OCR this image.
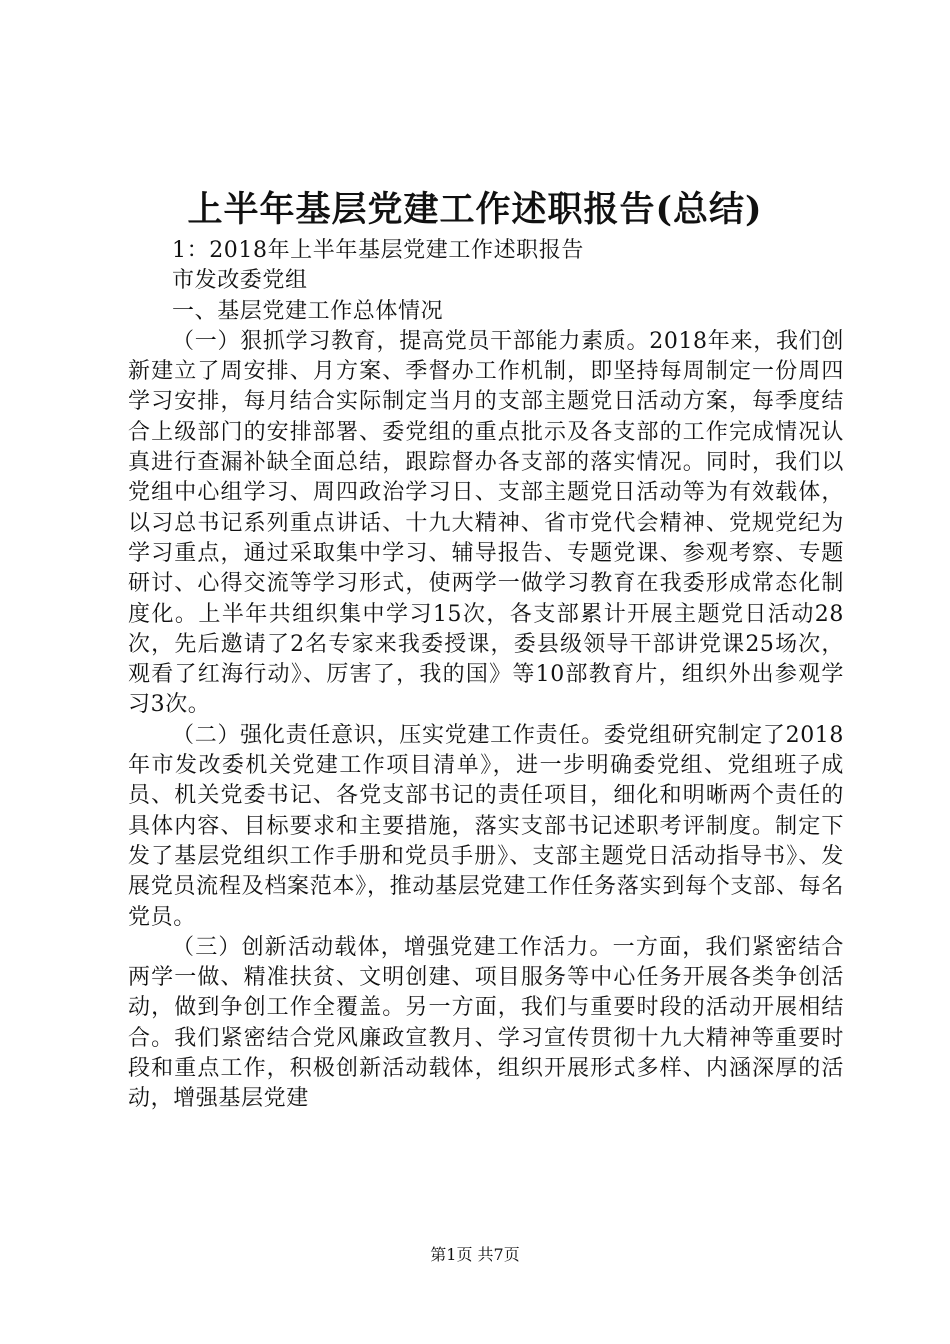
上半年基层党建工作述职报告(总结)

1：2018年上半年基层党建工作述职报告

市发改委党组

一、基层党建工作总体情况

（一）狠抓学习教育，提高党员干部能力素质。2018年来，我们创新建立了周安排、月方案、季督办工作机制，即坚持每周制定一份周四学习安排，每月结合实际制定当月的支部主题党日活动方案，每季度结合上级部门的安排部署、委党组的重点批示及各支部的工作完成情况认真进行查漏补缺全面总结，跟踪督办各支部的落实情况。同时，我们以党组中心组学习、周四政治学习日、支部主题党日活动等为有效载体，以习总书记系列重点讲话、十九大精神、省市党代会精神、党规党纪为学习重点，通过采取集中学习、辅导报告、专题党课、参观考察、专题研讨、心得交流等学习形式，使两学一做学习教育在我委形成常态化制度化。上半年共组织集中学习15次，各支部累计开展主题党日活动28次，先后邀请了2名专家来我委授课，委县级领导干部讲党课25场次，观看了红海行动》、厉害了，我的国》等10部教育片，组织外出参观学习3次。

（二）强化责任意识，压实党建工作责任。委党组研究制定了2018年市发改委机关党建工作项目清单》，进一步明确委党组、党组班子成员、机关党委书记、各党支部书记的责任项目，细化和明晰两个责任的具体内容、目标要求和主要措施，落实支部书记述职考评制度。制定下发了基层党组织工作手册和党员手册》、支部主题党日活动指导书》、发展党员流程及档案范本》，推动基层党建工作任务落实到每个支部、每名党员。

（三）创新活动载体，增强党建工作活力。一方面，我们紧密结合两学一做、精准扶贫、文明创建、项目服务等中心任务开展各类争创活动，做到争创工作全覆盖。另一方面，我们与重要时段的活动开展相结合。我们紧密结合党风廉政宣教月、学习宣传贯彻十九大精神等重要时段和重点工作，积极创新活动载体，组织开展形式多样、内涵深厚的活动，增强基层党建

第1页 共7页
